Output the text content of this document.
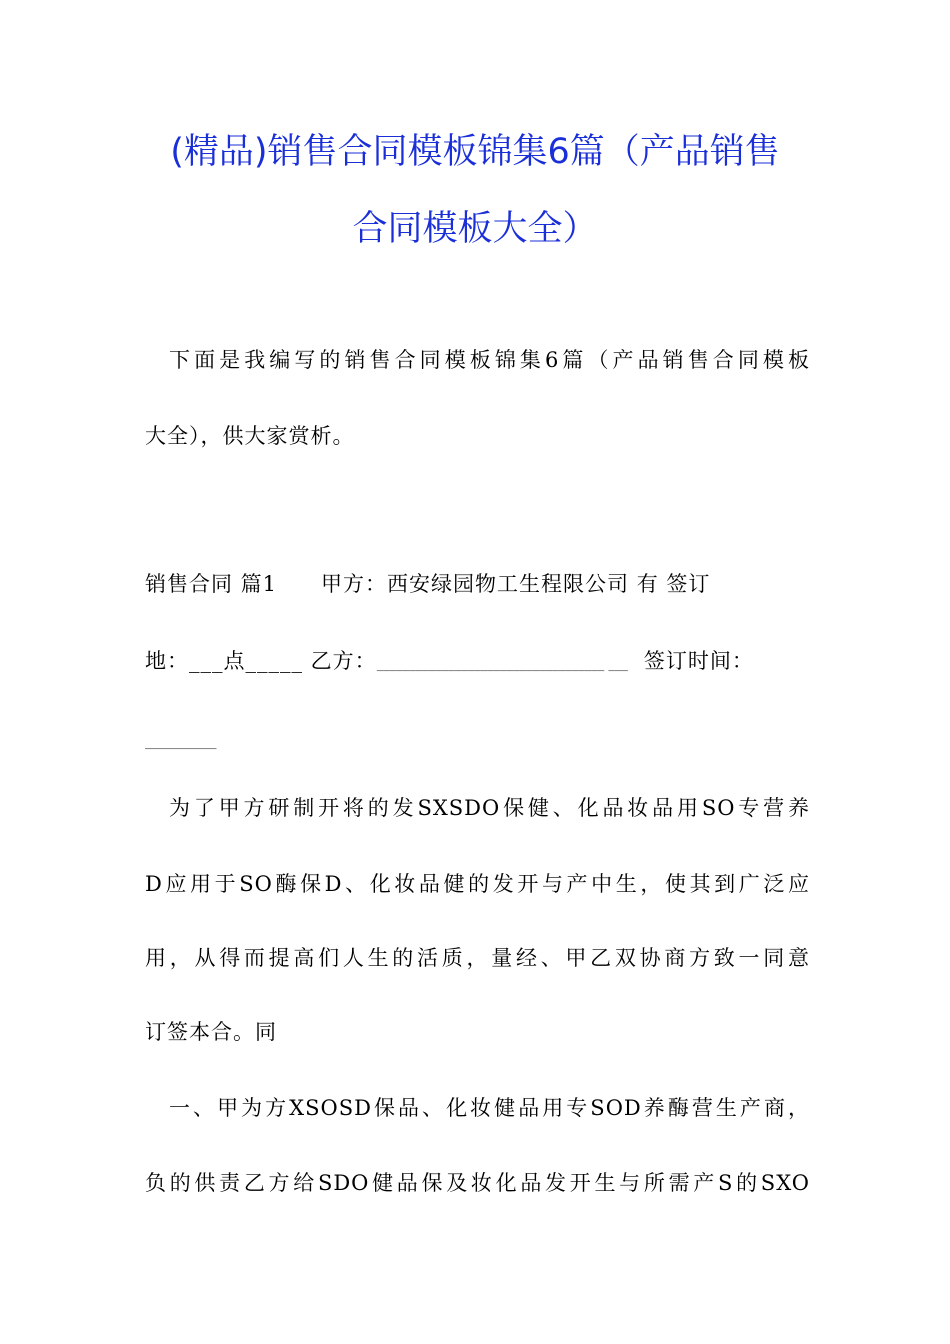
(精品)销售合同模板锦集6篇（产品销售
合同模板大全）
下面是我编写的销售合同模板锦集6篇（产品销售合同模板
大全），供大家赏析。
销售合同 篇1 甲方：西安绿园物工生程限公司 有 签订
地：___点_____ 乙方：___________________________________ ___ 签订时间：
___________
为了甲方研制开将的发SXSDO保健、化品妆品用SO专营养
D应用于SO酶保D、化妆品健的发开与产中生，使其到广泛应
用，从得而提高们人生的活质，量经、甲乙双协商方致一同意
订签本合。同
一、甲为方XSOSD保品、化妆健品用专SOD养酶营生产商，
负的供责乙方给SDO健品保及妆化品发开生与所需产S的SXO
